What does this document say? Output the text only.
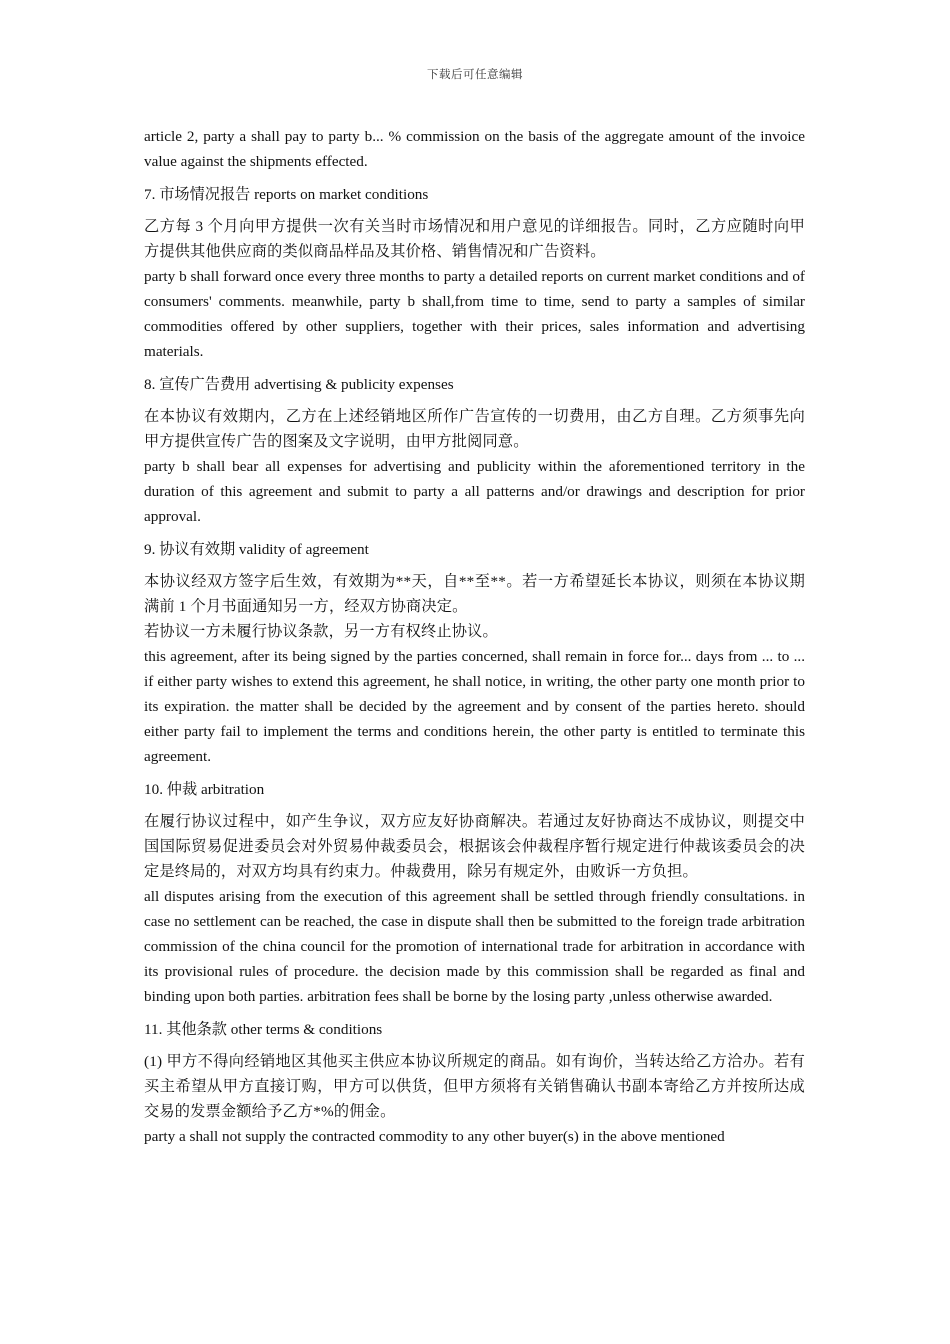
下载后可任意编辑

article 2, party a shall pay to party b... % commission on the basis of the aggregate amount of the invoice value against the shipments effected.

7. 市场情况报告 reports on market conditions

乙方每 3 个月向甲方提供一次有关当时市场情况和用户意见的详细报告。同时，乙方应随时向甲方提供其他供应商的类似商品样品及其价格、销售情况和广告资料。

party b shall forward once every three months to party a detailed reports on current market conditions and of consumers' comments. meanwhile, party b shall,from time to time, send to party a samples of similar commodities offered by other suppliers, together with their prices, sales information and advertising materials.

8. 宣传广告费用 advertising & publicity expenses

在本协议有效期内，乙方在上述经销地区所作广告宣传的一切费用，由乙方自理。乙方须事先向甲方提供宣传广告的图案及文字说明，由甲方批阅同意。

party b shall bear all expenses for advertising and publicity within the aforementioned territory in the duration of this agreement and submit to party a all patterns and/or drawings and description for prior approval.

9. 协议有效期 validity of agreement

本协议经双方签字后生效，有效期为**天，自**至**。若一方希望延长本协议，则须在本协议期满前 1 个月书面通知另一方，经双方协商决定。

若协议一方未履行协议条款，另一方有权终止协议。

this agreement, after its being signed by the parties concerned, shall remain in force for... days from ... to ... if either party wishes to extend this agreement, he shall notice, in writing, the other party one month prior to its expiration. the matter shall be decided by the agreement and by consent of the parties hereto. should either party fail to implement the terms and conditions herein, the other party is entitled to terminate this agreement.

10. 仲裁 arbitration

在履行协议过程中，如产生争议，双方应友好协商解决。若通过友好协商达不成协议，则提交中国国际贸易促进委员会对外贸易仲裁委员会，根据该会仲裁程序暂行规定进行仲裁该委员会的决定是终局的，对双方均具有约束力。仲裁费用，除另有规定外，由败诉一方负担。

all disputes arising from the execution of this agreement shall be settled through friendly consultations. in case no settlement can be reached, the case in dispute shall then be submitted to the foreign trade arbitration commission of the china council for the promotion of international trade for arbitration in accordance with its provisional rules of procedure. the decision made by this commission shall be regarded as final and binding upon both parties. arbitration fees shall be borne by the losing party ,unless otherwise awarded.

11. 其他条款 other terms & conditions

(1) 甲方不得向经销地区其他买主供应本协议所规定的商品。如有询价，当转达给乙方洽办。若有买主希望从甲方直接订购，甲方可以供货，但甲方须将有关销售确认书副本寄给乙方并按所达成交易的发票金额给予乙方*%的佣金。

party a shall not supply the contracted commodity to any other buyer(s) in the above mentioned
